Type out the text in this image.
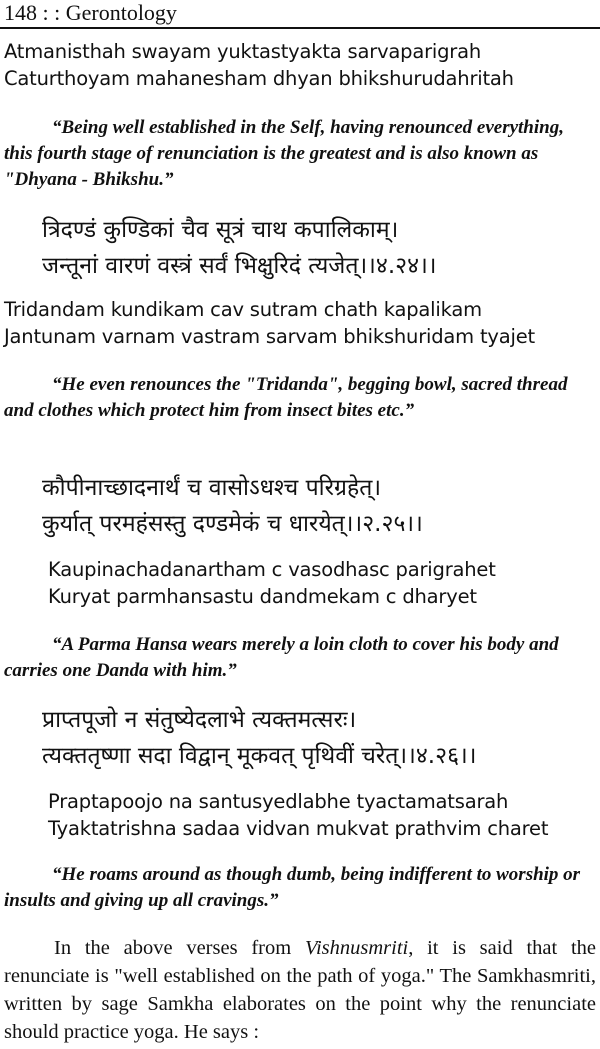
148 : : Gerontology
Atmanisthah swayam yuktastyakta sarvaparigrah
Caturthoyam mahanesham dhyan bhikshurudahritah
“Being well established in the Self, having renounced everything, this fourth stage of renunciation is the greatest and is also known as "Dhyana - Bhikshu.”
त्रिदण्डं कुण्डिकां चैव सूत्रं चाथ कपालिकाम्।
जन्तूनां वारणं वस्त्रं सर्वं भिक्षुरिदं त्यजेत्।।४.२४।।
Tridandam kundikam cav sutram chath kapalikam
Jantunam varnam vastram sarvam bhikshuridam tyajet
“He even renounces the "Tridanda", begging bowl, sacred thread and clothes which protect him from insect bites etc.”
कौपीनाच्छादनार्थं च वासोऽधश्च परिग्रहेत्।
कुर्यात् परमहंसस्तु दण्डमेकं च धारयेत्।।२.२५।।
Kaupinachadanartham c vasodhasc parigrahet
Kuryat parmhansastu dandmekam c dharyet
“A Parma Hansa wears merely a loin cloth to cover his body and carries one Danda with him.”
प्राप्तपूजो न संतुष्येदलाभे त्यक्तमत्सरः।
त्यक्ततृष्णा सदा विद्वान् मूकवत् पृथिवीं चरेत्।।४.२६।।
Praptapoojo na santusyedlabhe tyactamatsarah
Tyaktatrishna sadaa vidvan mukvat prathvim charet
“He roams around as though dumb, being indifferent to worship or insults and giving up all cravings.”

In the above verses from Vishnusmriti, it is said that the renunciate is "well established on the path of yoga." The Samkhasmriti, written by sage Samkha elaborates on the point why the renunciate should practice yoga. He says :
